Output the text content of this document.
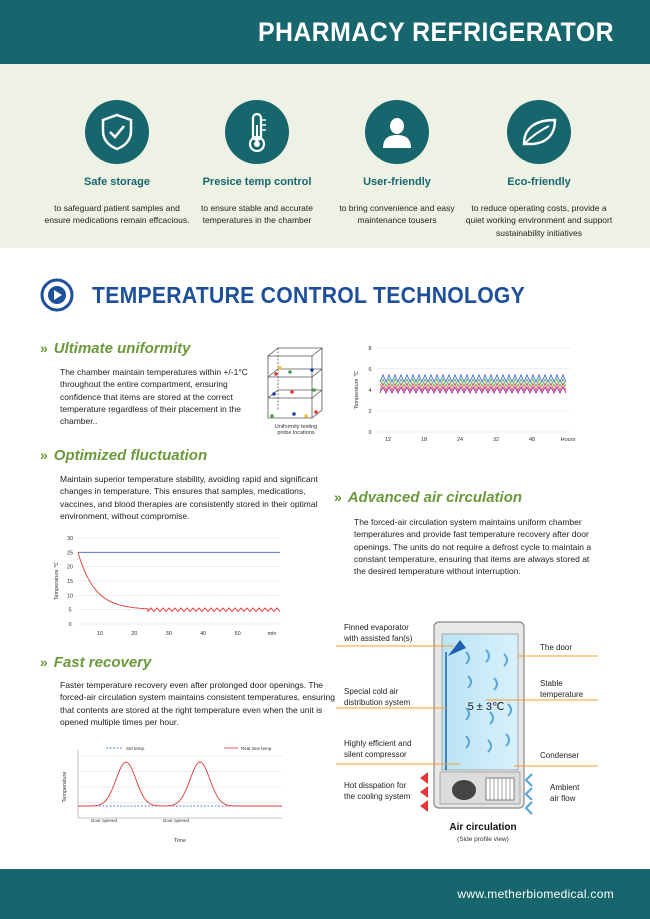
PHARMACY REFRIGERATOR
Safe storage
to safeguard patient samples and ensure medications remain effcacious.
Presice temp control
to ensure stable and accurate temperatures in the chamber
User-friendly
to bring convenience and easy maintenance tousers
Eco-friendly
to reduce operating costs, provide a quiet working environment and support sustainability initiatives
TEMPERATURE CONTROL TECHNOLOGY
» Ultimate uniformity
The chamber maintain temperatures within +/-1°C throughout the entire compartment, ensuring confidence that items are stored at the correct temperature regardless of their placement in the chamber..
Uniformity testing
probe locations	0
2
4
6
8
12	18	24	32	48	Hours
Temperature ℃
» Optimized fluctuation
Maintain superior temperature stability, avoiding rapid and significant changes in temperature. This ensures that samples, medications, vaccines, and blood therapies are consistently stored in their optimal environment, without compromise.
0
5
10
15
20
25
30
10	20	30	40	50	min
Temperature ℃
» Fast recovery
Faster temperature recovery even after prolonged door openings. The forced-air circulation system maintains consistent temperatures, ensuring that contents are stored at the right temperature even when the unit is opened multiple times per hour.
Temperature
Time
Set temp.	Real time temp.
Door opened	Door opened
» Advanced air circulation
The forced-air circulation system maintains uniform chamber temperatures and provide fast temperature recovery after door openings. The units do not require a defrost cycle to maintain a constant temperature, ensuring that items are always stored at the desired temperature without interruption.
5 ± 3℃
Finned evaporator
with assisted fan(s)
The door
Stable
temperature
Special cold air
distribution system
Highly efficient and
silent compressor	Condenser
Hot disspation for
the cooling system
Ambient
air flow
Air circulation
(Side profile view)
www.metherbiomedical.com
